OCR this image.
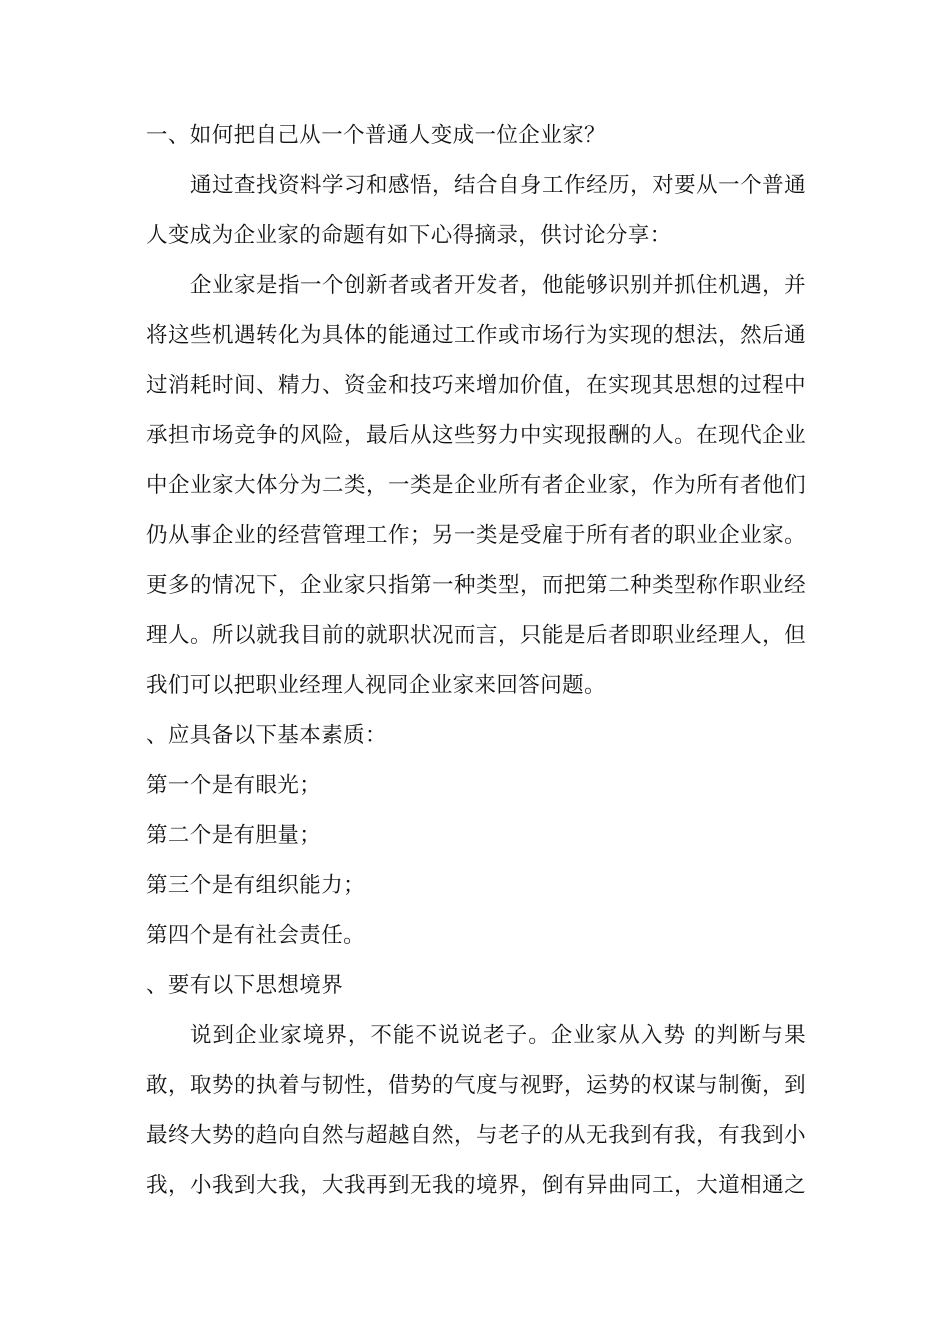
一、如何把自己从一个普通人变成一位企业家？
通过查找资料学习和感悟，结合自身工作经历，对要从一个普通
人变成为企业家的命题有如下心得摘录，供讨论分享：
企业家是指一个创新者或者开发者，他能够识别并抓住机遇，并
将这些机遇转化为具体的能通过工作或市场行为实现的想法，然后通
过消耗时间、精力、资金和技巧来增加价值，在实现其思想的过程中
承担市场竞争的风险，最后从这些努力中实现报酬的人。在现代企业
中企业家大体分为二类，一类是企业所有者企业家，作为所有者他们
仍从事企业的经营管理工作；另一类是受雇于所有者的职业企业家。
更多的情况下，企业家只指第一种类型，而把第二种类型称作职业经
理人。所以就我目前的就职状况而言，只能是后者即职业经理人，但
我们可以把职业经理人视同企业家来回答问题。
、应具备以下基本素质：
第一个是有眼光；
第二个是有胆量；
第三个是有组织能力；
第四个是有社会责任。
、要有以下思想境界
说到企业家境界，不能不说说老子。企业家从入势 的判断与果
敢，取势的执着与韧性，借势的气度与视野，运势的权谋与制衡，到
最终大势的趋向自然与超越自然，与老子的从无我到有我，有我到小
我，小我到大我，大我再到无我的境界，倒有异曲同工，大道相通之
